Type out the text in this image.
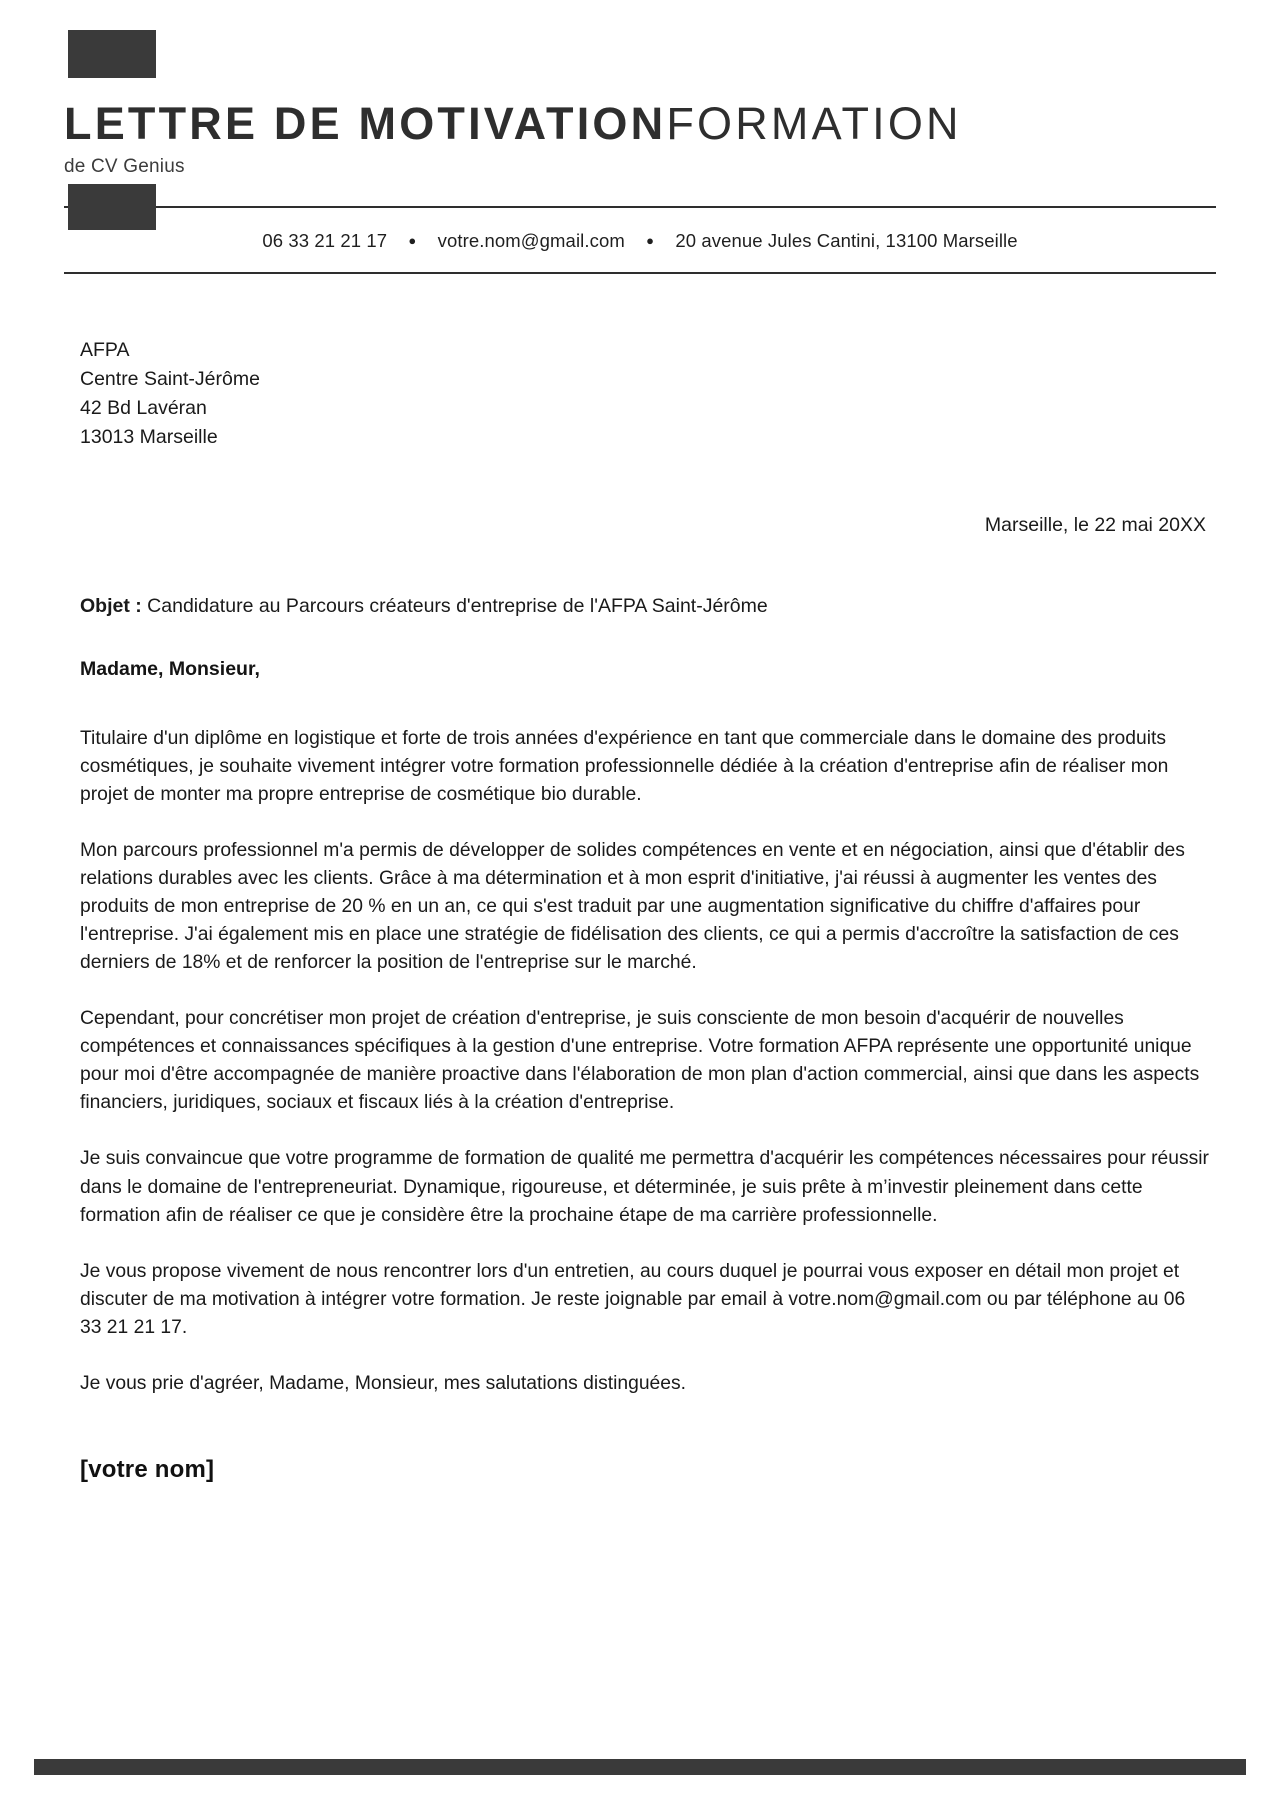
LETTRE DE MOTIVATIONFORMATION
de CV Genius
06 33 21 21 17 ● votre.nom@gmail.com ● 20 avenue Jules Cantini, 13100 Marseille
AFPA
Centre Saint-Jérôme
42 Bd Lavéran
13013 Marseille
Marseille, le 22 mai 20XX
Objet : Candidature au Parcours créateurs d'entreprise de l'AFPA Saint-Jérôme
Madame, Monsieur,

Titulaire d'un diplôme en logistique et forte de trois années d'expérience en tant que commerciale dans le domaine des produits cosmétiques, je souhaite vivement intégrer votre formation professionnelle dédiée à la création d'entreprise afin de réaliser mon projet de monter ma propre entreprise de cosmétique bio durable.

Mon parcours professionnel m'a permis de développer de solides compétences en vente et en négociation, ainsi que d'établir des relations durables avec les clients. Grâce à ma détermination et à mon esprit d'initiative, j'ai réussi à augmenter les ventes des produits de mon entreprise de 20 % en un an, ce qui s'est traduit par une augmentation significative du chiffre d'affaires pour l'entreprise. J'ai également mis en place une stratégie de fidélisation des clients, ce qui a permis d'accroître la satisfaction de ces derniers de 18% et de renforcer la position de l'entreprise sur le marché.

Cependant, pour concrétiser mon projet de création d'entreprise, je suis consciente de mon besoin d'acquérir de nouvelles compétences et connaissances spécifiques à la gestion d'une entreprise. Votre formation AFPA représente une opportunité unique pour moi d'être accompagnée de manière proactive dans l'élaboration de mon plan d'action commercial, ainsi que dans les aspects financiers, juridiques, sociaux et fiscaux liés à la création d'entreprise.

Je suis convaincue que votre programme de formation de qualité me permettra d'acquérir les compétences nécessaires pour réussir dans le domaine de l'entrepreneuriat. Dynamique, rigoureuse, et déterminée, je suis prête à m’investir pleinement dans cette formation afin de réaliser ce que je considère être la prochaine étape de ma carrière professionnelle.

Je vous propose vivement de nous rencontrer lors d'un entretien, au cours duquel je pourrai vous exposer en détail mon projet et discuter de ma motivation à intégrer votre formation. Je reste joignable par email à votre.nom@gmail.com ou par téléphone au 06 33 21 21 17.

Je vous prie d'agréer, Madame, Monsieur, mes salutations distinguées.

[votre nom]
